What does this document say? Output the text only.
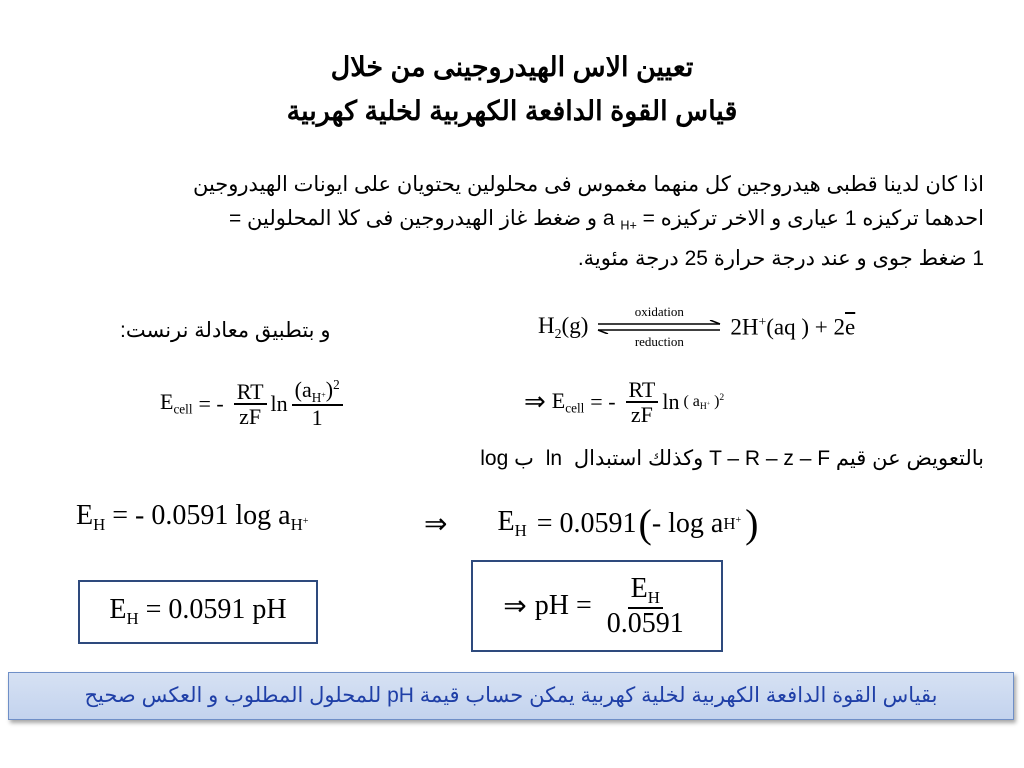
تعيين الاس الهيدروجينى من خلال
قياس القوة الدافعة الكهربية لخلية كهربية
اذا كان لدينا قطبى هيدروجين كل منهما مغموس فى محلولين يحتويان على ايونات الهيدروجين
احدهما تركيزه 1 عيارى و الاخر تركيزه = a $_{H+}$ و ضغط غاز الهيدروجين فى كلا المحلولين =
1 ضغط جوى و عند درجة حرارة 25 درجة مئوية.
و بتطبيق معادلة نرنست:	$H_2(g)$
oxidation
reduction
2H+(aq ) + $2\overline{e}$
$E_{cell}$ = - $\frac{RT}{zF}$ $\ln \frac{(a_{H^+})^2}{1}$	⇒ $E_{cell}$ = - $\frac{RT}{zF}$ ln ( $a_{H^+}$ )$^2$
بالتعويض عن قيم T – R – z – F وكذلك استبدال ln ب log
$E_H$ = - 0.0591 $\log a_{H^+}$	⇒ $E_H = 0.0591$ ( - log a H+ )
$E_H = 0.0591$ pH	⇒ pH = $\frac{E_H}{0.0591}$
بقياس القوة الدافعة الكهربية لخلية كهربية يمكن حساب قيمة pH للمحلول المطلوب و العكس صحيح
